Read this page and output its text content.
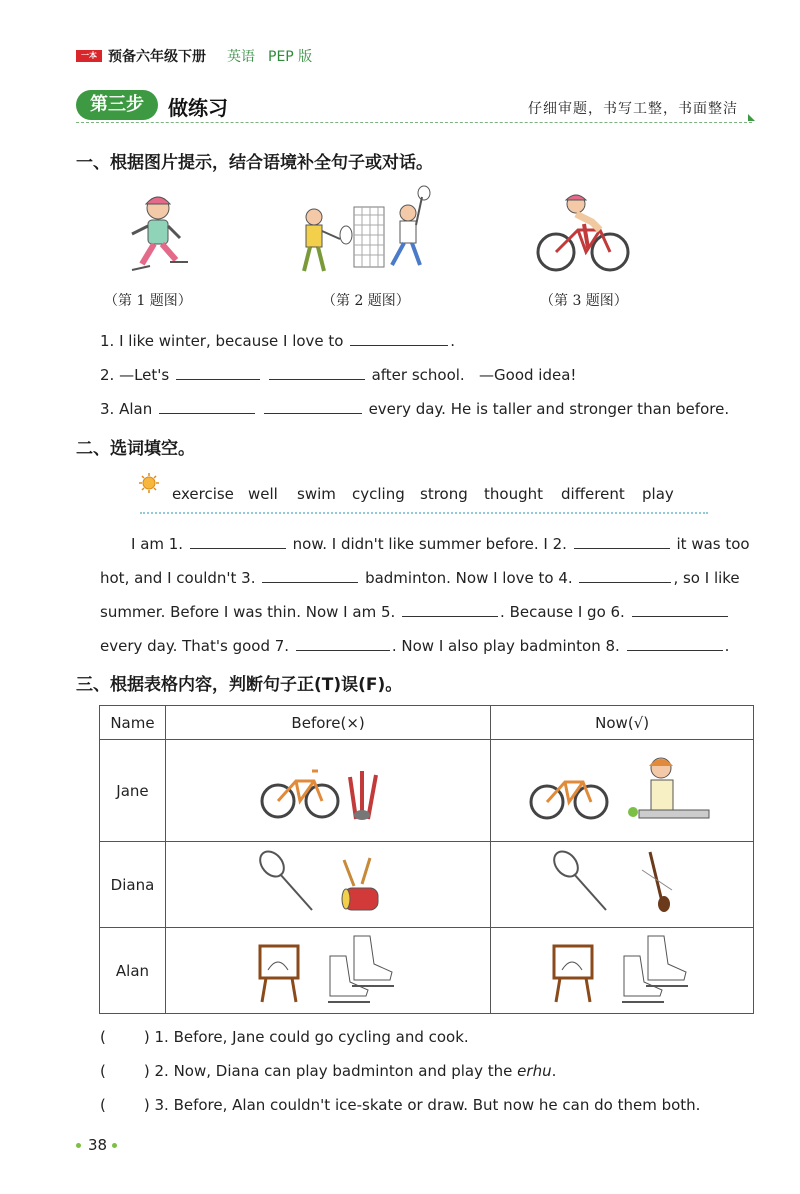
一本 预备六年级下册 英语 PEP 版
第三步	做练习	仔细审题，书写工整，书面整洁
一、根据图片提示，结合语境补全句子或对话。
（第 1 题图）	（第 2 题图）	（第 3 题图）
1. I like winter, because I love to	.
2. —Let's	after school. —Good idea!
3. Alan	every day. He is taller and stronger than before.
二、选词填空。
exercise well swim cycling strong thought different play
I am 1.	now. I didn't like summer before. I 2.	it was too
hot, and I couldn't 3.	badminton. Now I love to 4.	, so I like
summer. Before I was thin. Now I am 5.	. Because I go 6.
every day. That's good 7.	. Now I also play badminton 8.	.
三、根据表格内容，判断句子正(T)误(F)。
Name	Before(×)	Now(√)
Jane		
Diana		
Alan		
(	) 1. Before, Jane could go cycling and cook.
(	) 2. Now, Diana can play badminton and play the erhu.
(	) 3. Before, Alan couldn't ice-skate or draw. But now he can do them both.
38
